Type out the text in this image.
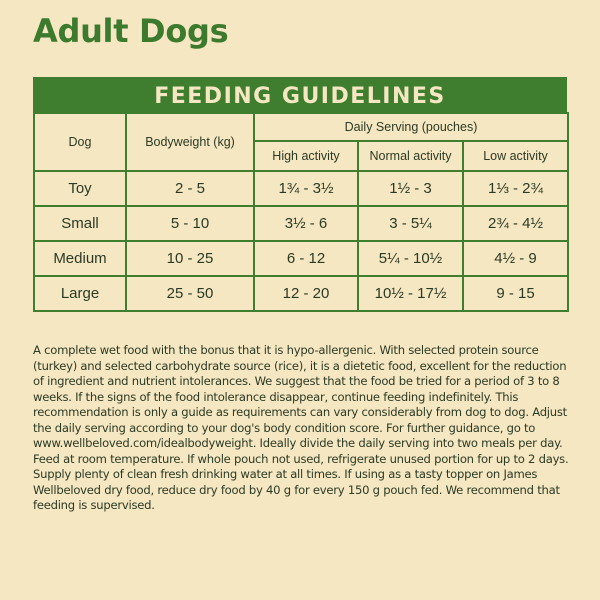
Adult Dogs
FEEDING GUIDELINES
Dog	Bodyweight (kg)	Daily Serving (pouches)		
		High activity	Normal activity	Low activity
Toy	2 - 5	1¾ - 3½	1½ - 3	1⅓ - 2¾
Small	5 - 10	3½ - 6	3 - 5¼	2¾ - 4½
Medium	10 - 25	6 - 12	5¼ - 10½	4½ - 9
Large	25 - 50	12 - 20	10½ - 17½	9 - 15

A complete wet food with the bonus that it is hypo-allergenic. With selected protein source (turkey) and selected carbohydrate source (rice), it is a dietetic food, excellent for the reduction of ingredient and nutrient intolerances. We suggest that the food be tried for a period of 3 to 8 weeks. If the signs of the food intolerance disappear, continue feeding indefinitely. This recommendation is only a guide as requirements can vary considerably from dog to dog. Adjust the daily serving according to your dog's body condition score. For further guidance, go to www.wellbeloved.com/idealbodyweight. Ideally divide the daily serving into two meals per day. Feed at room temperature. If whole pouch not used, refrigerate unused portion for up to 2 days. Supply plenty of clean fresh drinking water at all times. If using as a tasty topper on James Wellbeloved dry food, reduce dry food by 40 g for every 150 g pouch fed. We recommend that feeding is supervised.
